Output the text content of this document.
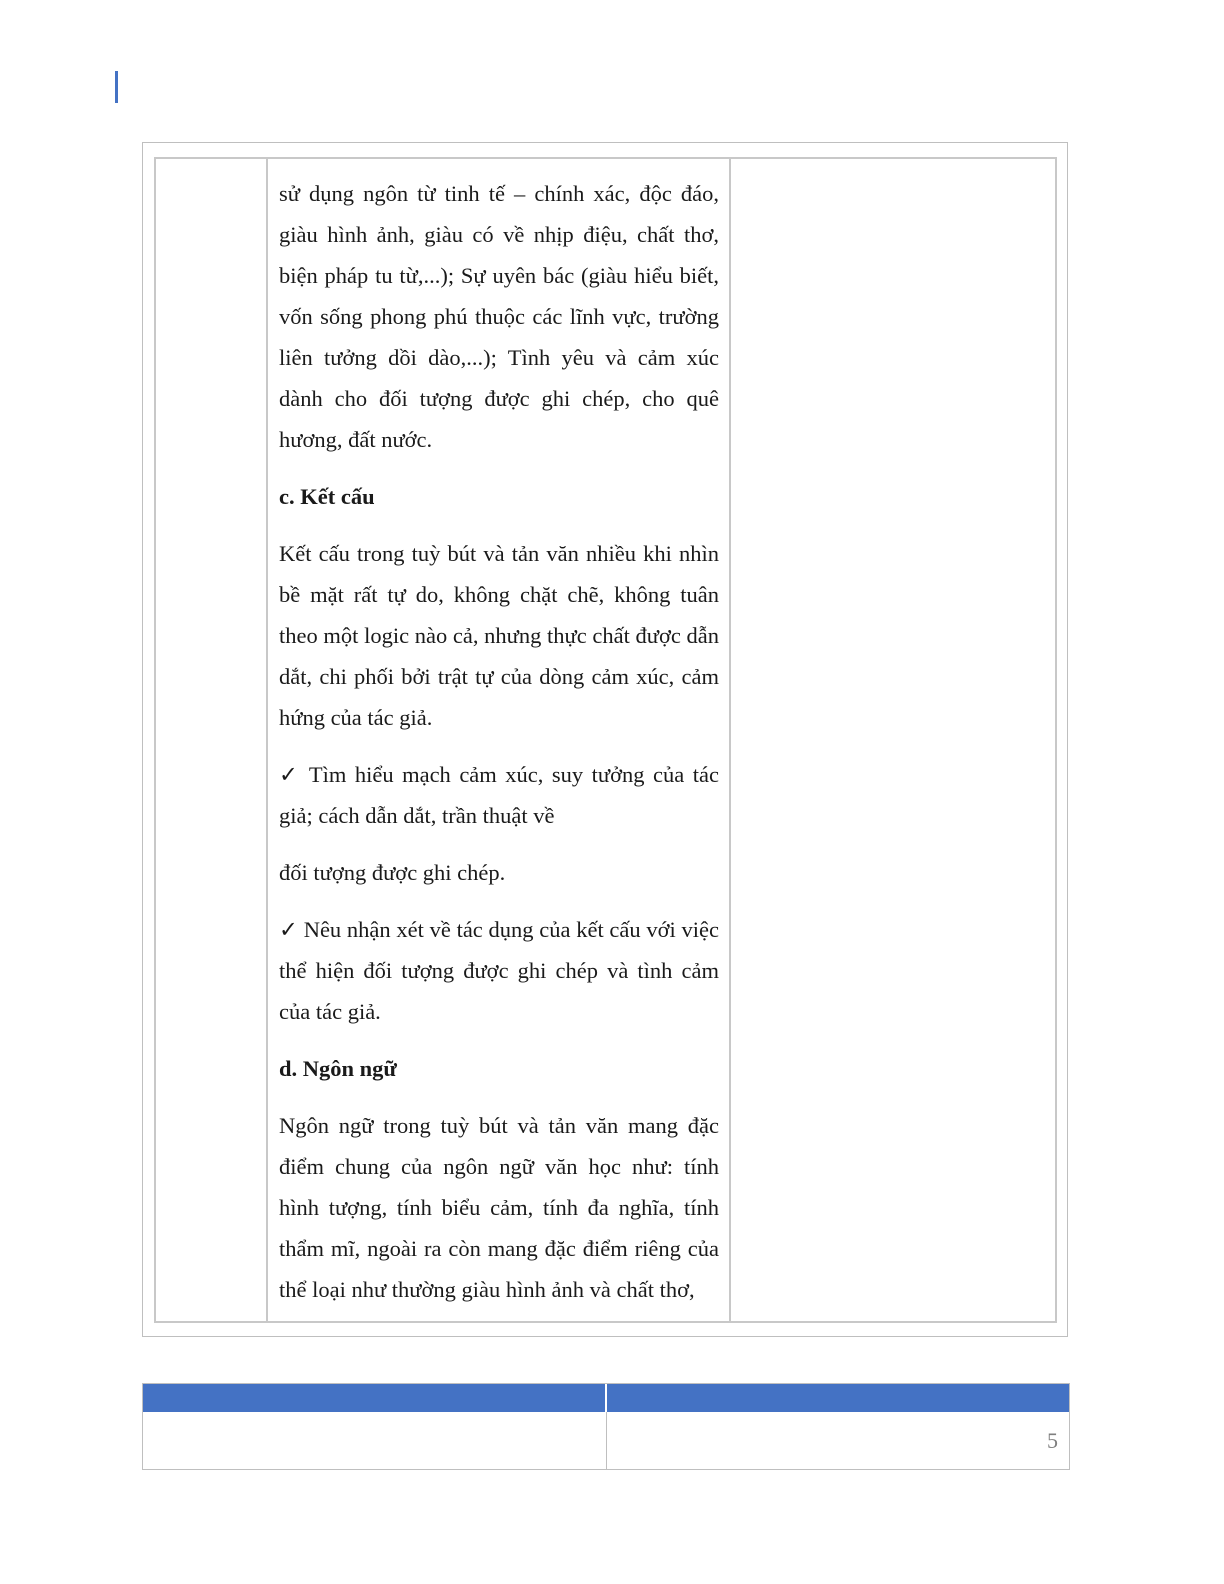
sử dụng ngôn từ tinh tế – chính xác, độc đáo, giàu hình ảnh, giàu có về nhịp điệu, chất thơ, biện pháp tu từ,...); Sự uyên bác (giàu hiểu biết, vốn sống phong phú thuộc các lĩnh vực, trường liên tưởng dồi dào,...); Tình yêu và cảm xúc dành cho đối tượng được ghi chép, cho quê hương, đất nước.

c. Kết cấu

Kết cấu trong tuỳ bút và tản văn nhiều khi nhìn bề mặt rất tự do, không chặt chẽ, không tuân theo một logic nào cả, nhưng thực chất được dẫn dắt, chi phối bởi trật tự của dòng cảm xúc, cảm hứng của tác giả.

✓ Tìm hiểu mạch cảm xúc, suy tưởng của tác giả; cách dẫn dắt, trần thuật về

đối tượng được ghi chép.

✓ Nêu nhận xét về tác dụng của kết cấu với việc thể hiện đối tượng được ghi chép và tình cảm của tác giả.

d. Ngôn ngữ

Ngôn ngữ trong tuỳ bút và tản văn mang đặc điểm chung của ngôn ngữ văn học như: tính hình tượng, tính biểu cảm, tính đa nghĩa, tính thẩm mĩ, ngoài ra còn mang đặc điểm riêng của thể loại như thường giàu hình ảnh và chất thơ,

5
